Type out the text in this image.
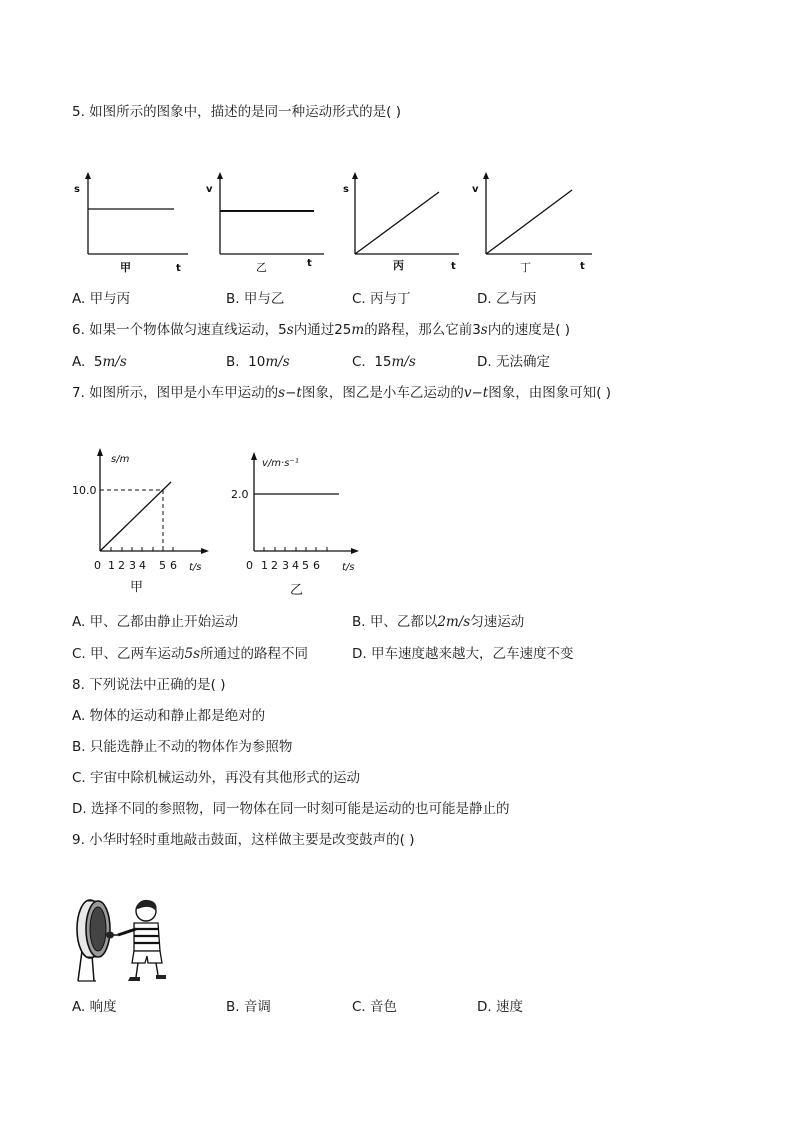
5. 如图所示的图象中，描述的是同一种运动形式的是( )
s
t
甲
v
t
乙
s
t
丙
v
t
丁
A. 甲与丙	B. 甲与乙	C. 丙与丁	D. 乙与丙
6. 如果一个物体做匀速直线运动，5s内通过25m的路程，那么它前3s内的速度是( )
A. 5m/s	B. 10m/s	C. 15m/s	D. 无法确定
7. 如图所示，图甲是小车甲运动的s−t图象，图乙是小车乙运动的v−t图象，由图象可知( )
s/m
10.0
0 1 2 3 4 5 6 t/s
甲
v/m·s⁻¹
2.0
0 1 2 3 4 5 6 t/s
乙
A. 甲、乙都由静止开始运动	B. 甲、乙都以2m/s匀速运动
C. 甲、乙两车运动5s所通过的路程不同	D. 甲车速度越来越大，乙车速度不变
8. 下列说法中正确的是( )
A. 物体的运动和静止都是绝对的
B. 只能选静止不动的物体作为参照物
C. 宇宙中除机械运动外，再没有其他形式的运动
D. 选择不同的参照物，同一物体在同一时刻可能是运动的也可能是静止的
9. 小华时轻时重地敲击鼓面，这样做主要是改变鼓声的( )
A. 响度	B. 音调	C. 音色	D. 速度
